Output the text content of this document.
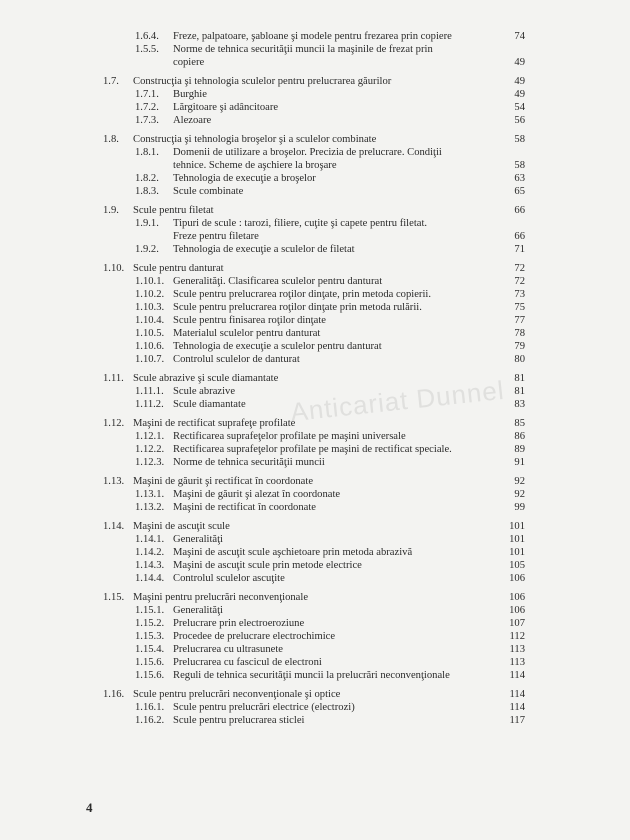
1.6.4.	Freze, palpatoare, şabloane şi modele pentru frezarea prin copiere	74
1.5.5.	Norme de tehnica securităţii muncii la maşinile de frezat prin
copiere	49
1.7.	Construcţia şi tehnologia sculelor pentru prelucrarea găurilor	49
1.7.1.	Burghie	49
1.7.2.	Lărgitoare şi adâncitoare	54
1.7.3.	Alezoare	56
1.8.	Construcţia şi tehnologia broşelor şi a sculelor combinate	58
1.8.1.	Domenii de utilizare a broşelor. Precizia de prelucrare. Condiţii
tehnice. Scheme de aşchiere la broşare	58
1.8.2.	Tehnologia de execuţie a broşelor	63
1.8.3.	Scule combinate	65
1.9.	Scule pentru filetat	66
1.9.1.	Tipuri de scule : tarozi, filiere, cuţite şi capete pentru filetat.
Freze pentru filetare	66
1.9.2.	Tehnologia de execuţie a sculelor de filetat	71
1.10. Scule pentru danturat	72
1.10.1. Generalităţi. Clasificarea sculelor pentru danturat	72
1.10.2. Scule pentru prelucrarea roţilor dinţate, prin metoda copierii.	73
1.10.3. Scule pentru prelucrarea roţilor dinţate prin metoda rulării.	75
1.10.4. Scule pentru finisarea roţilor dinţate	77
1.10.5. Materialul sculelor pentru danturat	78
1.10.6. Tehnologia de execuţie a sculelor pentru danturat	79
1.10.7. Controlul sculelor de danturat	80
1.11. Scule abrazive şi scule diamantate	81
1.11.1. Scule abrazive	81
1.11.2. Scule diamantate	83
1.12. Maşini de rectificat suprafeţe profilate	85
1.12.1. Rectificarea suprafeţelor profilate pe maşini universale	86
1.12.2. Rectificarea suprafeţelor profilate pe maşini de rectificat speciale.	89
1.12.3. Norme de tehnica securităţii muncii	91
1.13. Maşini de găurit şi rectificat în coordonate	92
1.13.1. Maşini de găurit şi alezat în coordonate	92
1.13.2. Maşini de rectificat în coordonate	99
1.14. Maşini de ascuţit scule	101
1.14.1. Generalităţi	101
1.14.2. Maşini de ascuţit scule aşchietoare prin metoda abrazivă	101
1.14.3. Maşini de ascuţit scule prin metode electrice	105
1.14.4. Controlul sculelor ascuţite	106
1.15. Maşini pentru prelucrări neconvenţionale	106
1.15.1. Generalităţi	106
1.15.2. Prelucrare prin electroeroziune	107
1.15.3. Procedee de prelucrare electrochimice	112
1.15.4. Prelucrarea cu ultrasunete	113
1.15.6. Prelucrarea cu fascicul de electroni	113
1.15.6. Reguli de tehnica securităţii muncii la prelucrări neconvenţionale	114
1.16. Scule pentru prelucrări neconvenţionale şi optice	114
1.16.1. Scule pentru prelucrări electrice (electrozi)	114
1.16.2. Scule pentru prelucrarea sticlei	117
Anticariat Dunnel
4
